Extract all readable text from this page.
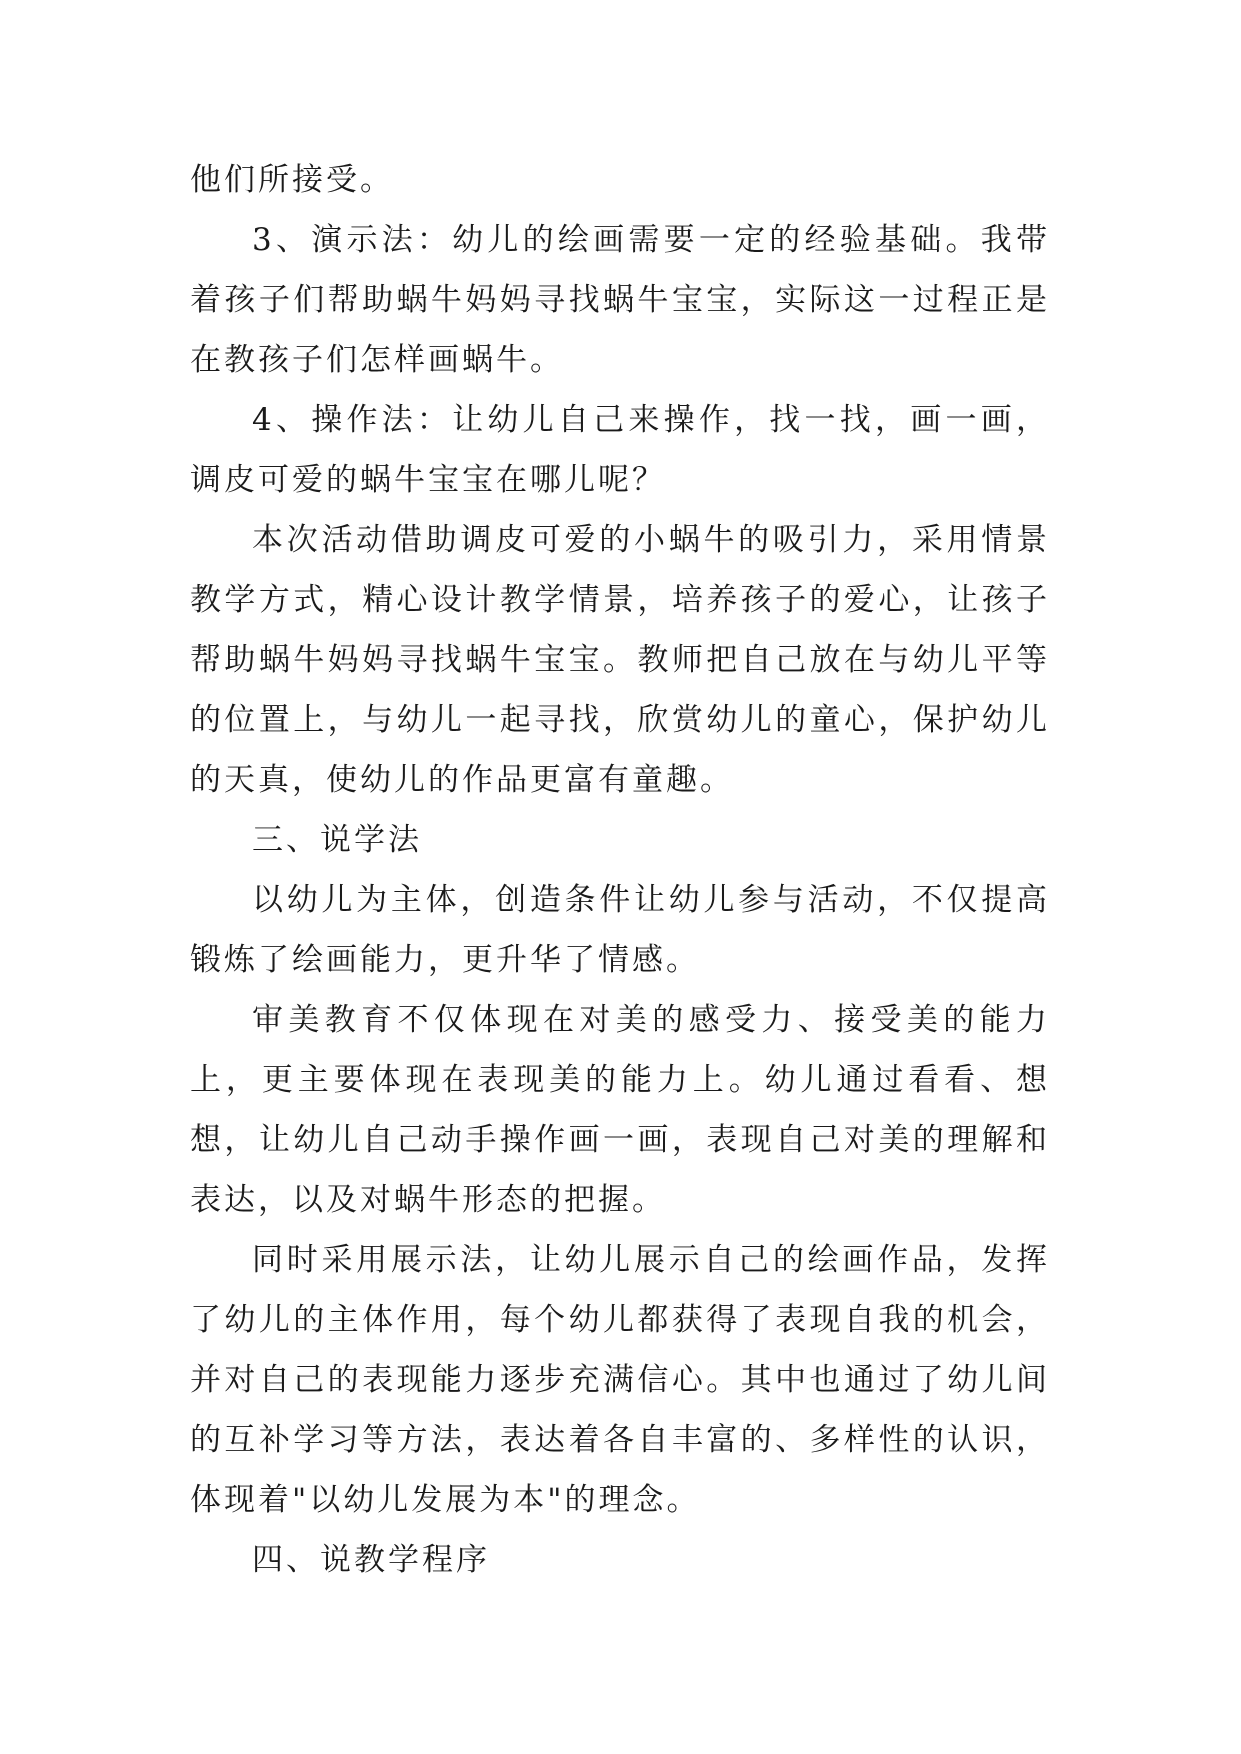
他们所接受。

3、演示法：幼儿的绘画需要一定的经验基础。我带着孩子们帮助蜗牛妈妈寻找蜗牛宝宝，实际这一过程正是在教孩子们怎样画蜗牛。

4、操作法：让幼儿自己来操作，找一找，画一画，调皮可爱的蜗牛宝宝在哪儿呢？

本次活动借助调皮可爱的小蜗牛的吸引力，采用情景教学方式，精心设计教学情景，培养孩子的爱心，让孩子帮助蜗牛妈妈寻找蜗牛宝宝。教师把自己放在与幼儿平等的位置上，与幼儿一起寻找，欣赏幼儿的童心，保护幼儿的天真，使幼儿的作品更富有童趣。

三、说学法

以幼儿为主体，创造条件让幼儿参与活动，不仅提高锻炼了绘画能力，更升华了情感。

审美教育不仅体现在对美的感受力、接受美的能力上，更主要体现在表现美的能力上。幼儿通过看看、想想，让幼儿自己动手操作画一画，表现自己对美的理解和表达，以及对蜗牛形态的把握。

同时采用展示法，让幼儿展示自己的绘画作品，发挥了幼儿的主体作用，每个幼儿都获得了表现自我的机会，并对自己的表现能力逐步充满信心。其中也通过了幼儿间的互补学习等方法，表达着各自丰富的、多样性的认识，体现着"以幼儿发展为本"的理念。

四、说教学程序
